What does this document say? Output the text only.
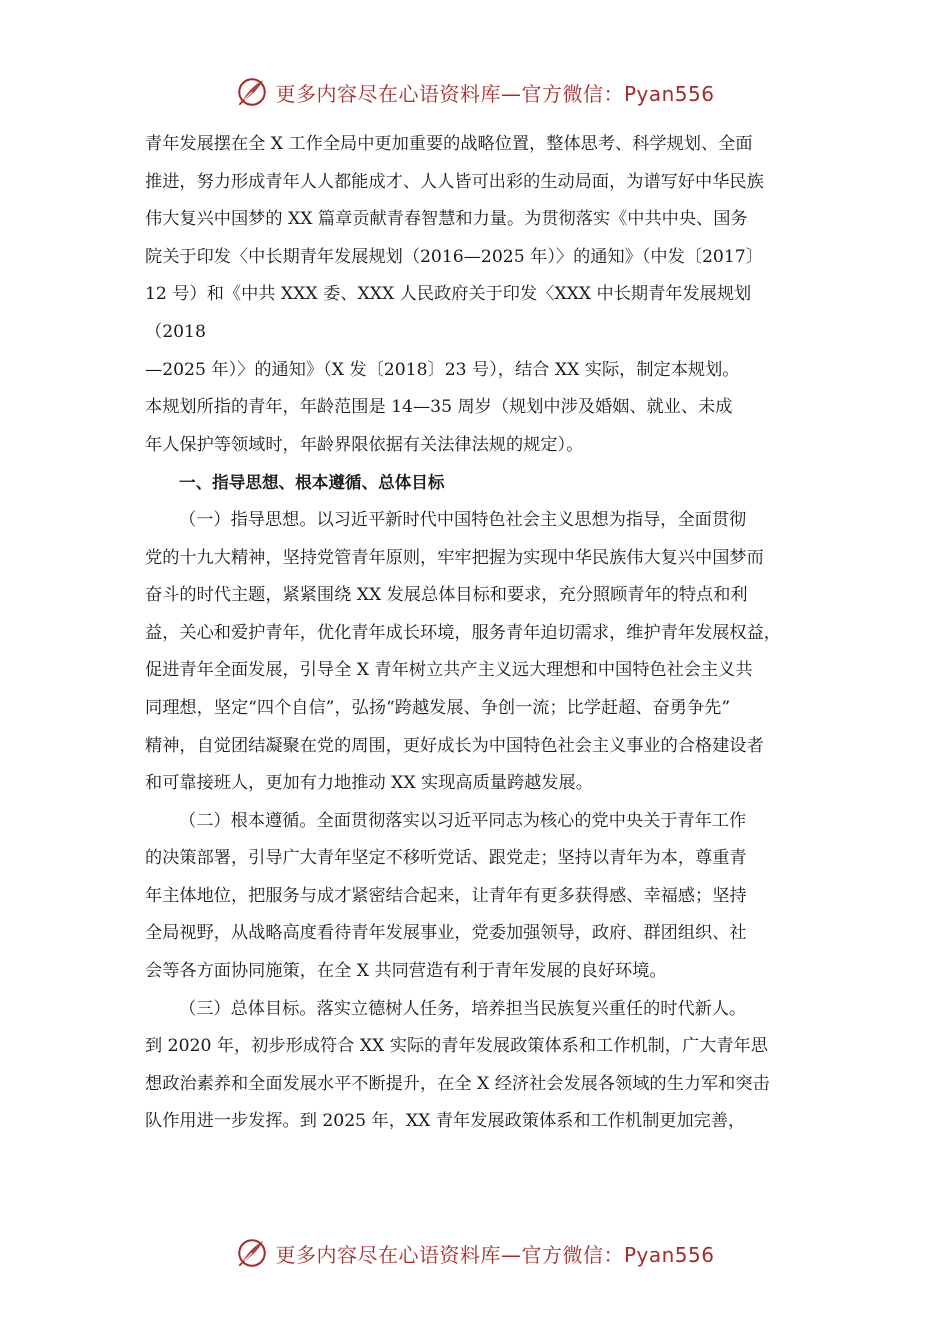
更多内容尽在心语资料库—官方微信：Pyan556
青年发展摆在全 X 工作全局中更加重要的战略位置，整体思考、科学规划、全面
推进，努力形成青年人人都能成才、人人皆可出彩的生动局面，为谱写好中华民族
伟大复兴中国梦的 XX 篇章贡献青春智慧和力量。为贯彻落实《中共中央、国务
院关于印发〈中长期青年发展规划（2016—2025 年）〉的通知》（中发〔2017〕
12 号）和《中共 XXX 委、XXX 人民政府关于印发〈XXX 中长期青年发展规划
（2018
—2025 年）〉的通知》（X 发〔2018〕23 号），结合 XX 实际，制定本规划。
本规划所指的青年，年龄范围是 14—35 周岁（规划中涉及婚姻、就业、未成
年人保护等领域时，年龄界限依据有关法律法规的规定）。
一、指导思想、根本遵循、总体目标
（一）指导思想。以习近平新时代中国特色社会主义思想为指导，全面贯彻
党的十九大精神，坚持党管青年原则，牢牢把握为实现中华民族伟大复兴中国梦而
奋斗的时代主题，紧紧围绕 XX 发展总体目标和要求，充分照顾青年的特点和利
益，关心和爱护青年，优化青年成长环境，服务青年迫切需求，维护青年发展权益，
促进青年全面发展，引导全 X 青年树立共产主义远大理想和中国特色社会主义共
同理想，坚定“四个自信”，弘扬“跨越发展、争创一流；比学赶超、奋勇争先”
精神，自觉团结凝聚在党的周围，更好成长为中国特色社会主义事业的合格建设者
和可靠接班人，更加有力地推动 XX 实现高质量跨越发展。
（二）根本遵循。全面贯彻落实以习近平同志为核心的党中央关于青年工作
的决策部署，引导广大青年坚定不移听党话、跟党走；坚持以青年为本，尊重青
年主体地位，把服务与成才紧密结合起来，让青年有更多获得感、幸福感；坚持
全局视野，从战略高度看待青年发展事业，党委加强领导，政府、群团组织、社
会等各方面协同施策，在全 X 共同营造有利于青年发展的良好环境。
（三）总体目标。落实立德树人任务，培养担当民族复兴重任的时代新人。
到 2020 年，初步形成符合 XX 实际的青年发展政策体系和工作机制，广大青年思
想政治素养和全面发展水平不断提升，在全 X 经济社会发展各领域的生力军和突击
队作用进一步发挥。到 2025 年，XX 青年发展政策体系和工作机制更加完善，
更多内容尽在心语资料库—官方微信：Pyan556
